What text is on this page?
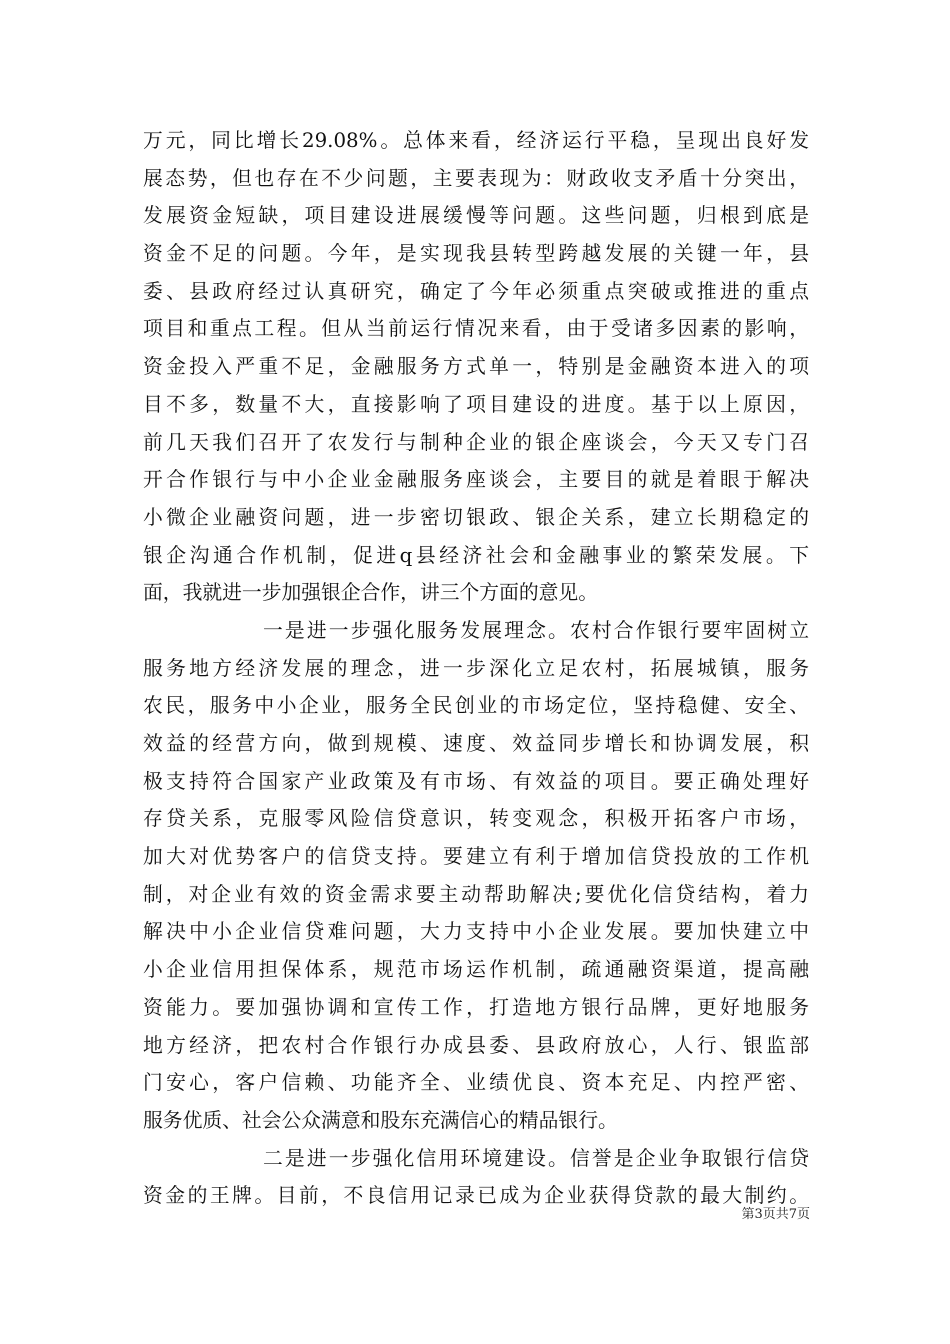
万元，同比增长29.08%。总体来看，经济运行平稳，呈现出良好发
展态势，但也存在不少问题，主要表现为：财政收支矛盾十分突出，
发展资金短缺，项目建设进展缓慢等问题。这些问题，归根到底是
资金不足的问题。今年，是实现我县转型跨越发展的关键一年，县
委、县政府经过认真研究，确定了今年必须重点突破或推进的重点
项目和重点工程。但从当前运行情况来看，由于受诸多因素的影响，
资金投入严重不足，金融服务方式单一，特别是金融资本进入的项
目不多，数量不大，直接影响了项目建设的进度。基于以上原因，
前几天我们召开了农发行与制种企业的银企座谈会，今天又专门召
开合作银行与中小企业金融服务座谈会，主要目的就是着眼于解决
小微企业融资问题，进一步密切银政、银企关系，建立长期稳定的
银企沟通合作机制，促进q县经济社会和金融事业的繁荣发展。下
面，我就进一步加强银企合作，讲三个方面的意见。
一是进一步强化服务发展理念。农村合作银行要牢固树立
服务地方经济发展的理念，进一步深化立足农村，拓展城镇，服务
农民，服务中小企业，服务全民创业的市场定位，坚持稳健、安全、
效益的经营方向，做到规模、速度、效益同步增长和协调发展，积
极支持符合国家产业政策及有市场、有效益的项目。要正确处理好
存贷关系，克服零风险信贷意识，转变观念，积极开拓客户市场，
加大对优势客户的信贷支持。要建立有利于增加信贷投放的工作机
制，对企业有效的资金需求要主动帮助解决;要优化信贷结构，着力
解决中小企业信贷难问题，大力支持中小企业发展。要加快建立中
小企业信用担保体系，规范市场运作机制，疏通融资渠道，提高融
资能力。要加强协调和宣传工作，打造地方银行品牌，更好地服务
地方经济，把农村合作银行办成县委、县政府放心，人行、银监部
门安心，客户信赖、功能齐全、业绩优良、资本充足、内控严密、
服务优质、社会公众满意和股东充满信心的精品银行。
二是进一步强化信用环境建设。信誉是企业争取银行信贷
资金的王牌。目前，不良信用记录已成为企业获得贷款的最大制约。
第3页共7页
